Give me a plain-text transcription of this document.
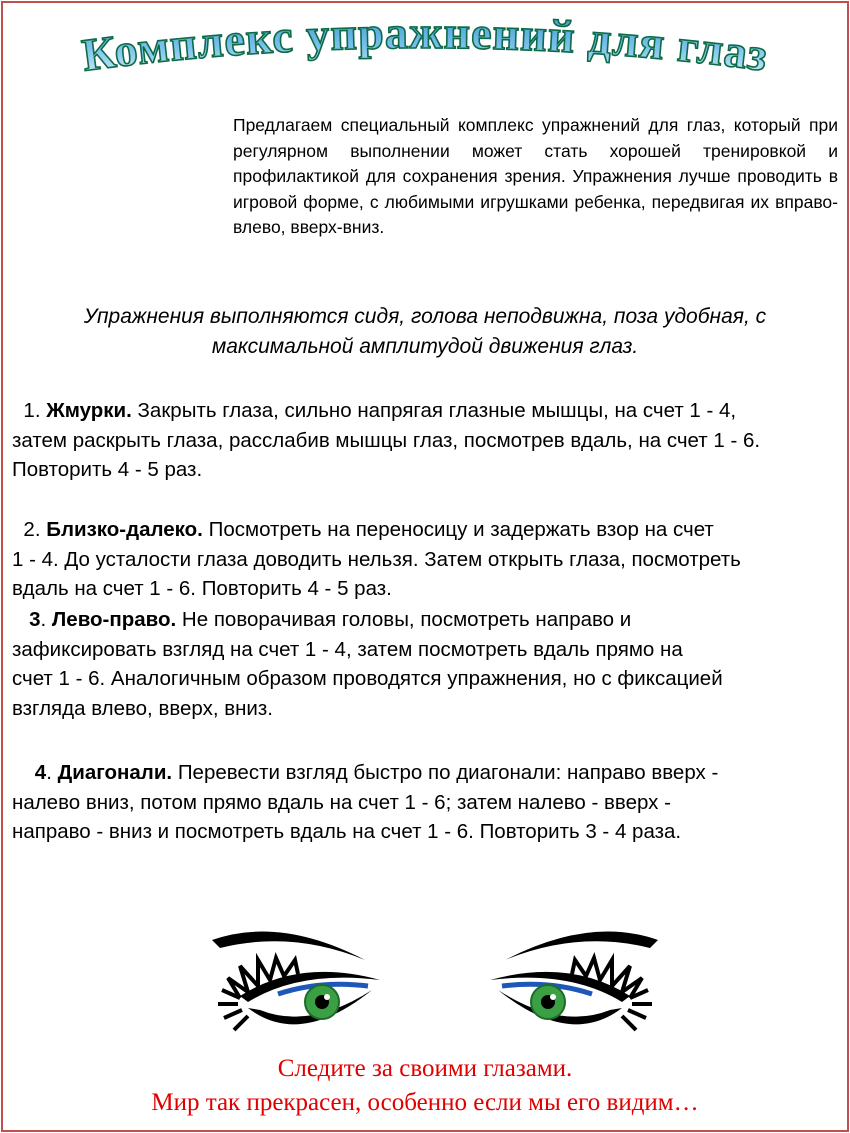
Комплекс упражнений для глаз

Предлагаем специальный комплекс упражнений для глаз, который при регулярном выполнении может стать хорошей тренировкой и профилактикой для сохранения зрения. Упражнения лучше проводить в игровой форме, с любимыми игрушками ребенка, передвигая их вправо-влево, вверх-вниз.

Упражнения выполняются сидя, голова неподвижна, поза удобная, с

максимальной амплитудой движения глаз.

1. Жмурки. Закрыть глаза, сильно напрягая глазные мышцы, на счет 1 - 4,

затем раскрыть глаза, расслабив мышцы глаз, посмотрев вдаль, на счет 1 - 6.

Повторить 4 - 5 раз.

2. Близко-далеко. Посмотреть на переносицу и задержать взор на счет

1 - 4. До усталости глаза доводить нельзя. Затем открыть глаза, посмотреть

вдаль на счет 1 - 6. Повторить 4 - 5 раз.

3. Лево-право. Не поворачивая головы, посмотреть направо и

зафиксировать взгляд на счет 1 - 4, затем посмотреть вдаль прямо на

счет 1 - 6. Аналогичным образом проводятся упражнения, но с фиксацией

взгляда влево, вверх, вниз.

4. Диагонали. Перевести взгляд быстро по диагонали: направо вверх -

налево вниз, потом прямо вдаль на счет 1 - 6; затем налево - вверх -

направо - вниз и посмотреть вдаль на счет 1 - 6. Повторить 3 - 4 раза.

Следите за своими глазами.

Мир так прекрасен, особенно если мы его видим…
